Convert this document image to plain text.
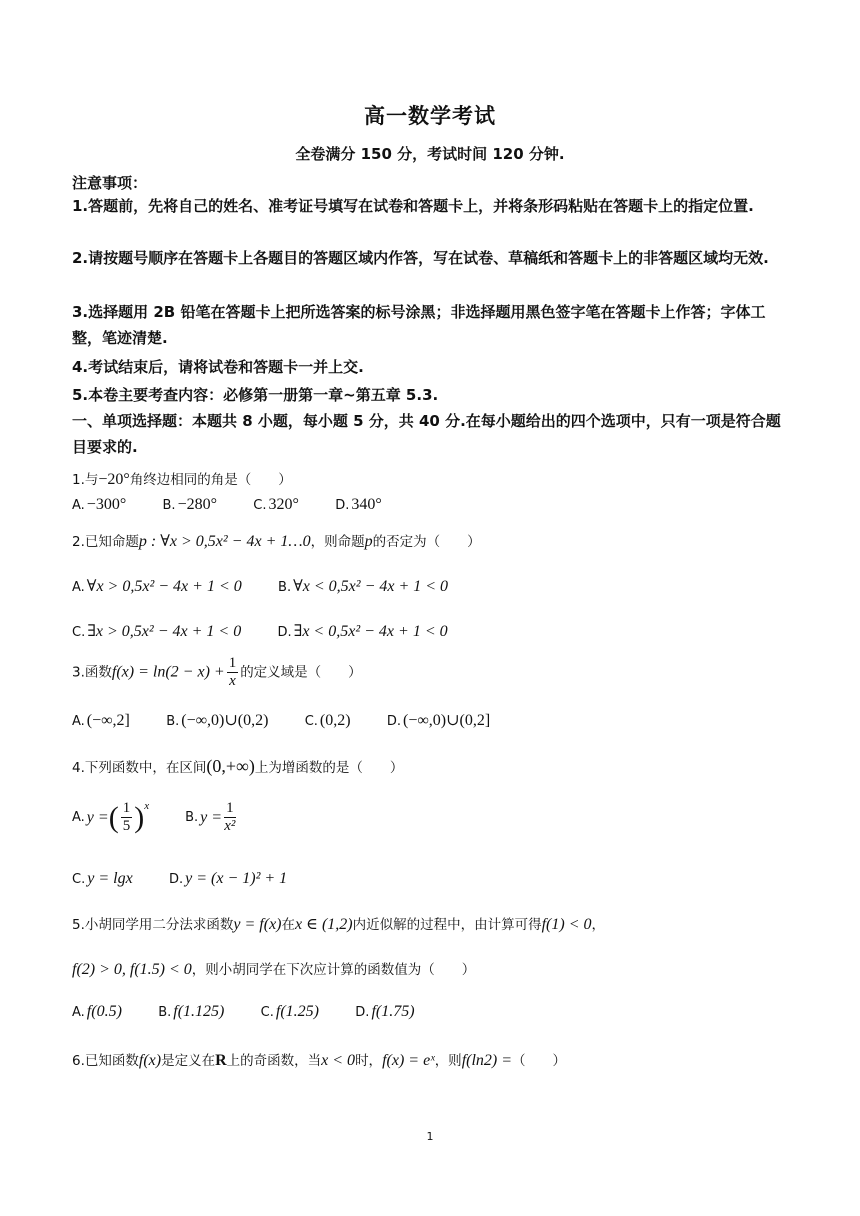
高一数学考试
全卷满分 150 分，考试时间 120 分钟.
注意事项：
1.答题前，先将自己的姓名、准考证号填写在试卷和答题卡上，并将条形码粘贴在答题卡上的指定位置.
2.请按题号顺序在答题卡上各题目的答题区域内作答，写在试卷、草稿纸和答题卡上的非答题区域均无效.
3.选择题用 2B 铅笔在答题卡上把所选答案的标号涂黑；非选择题用黑色签字笔在答题卡上作答；字体工整，笔迹清楚.
4.考试结束后，请将试卷和答题卡一并上交.
5.本卷主要考查内容：必修第一册第一章~第五章 5.3.
一、单项选择题：本题共 8 小题，每小题 5 分，共 40 分.在每小题给出的四个选项中，只有一项是符合题目要求的.
1.与−20°角终边相同的角是（　　）
A. −300°	B. −280°	C. 320°	D. 340°
2.已知命题p : ∀x > 0,5x² − 4x + 1…0，则命题p的否定为（　　）
A. ∀x > 0,5x² − 4x + 1 < 0	B. ∀x < 0,5x² − 4x + 1 < 0
C. ∃x > 0,5x² − 4x + 1 < 0	D. ∃x < 0,5x² − 4x + 1 < 0
3.函数$f(x) = \ln(2 - x) + \frac{1}{x}$ 的定义域是（　　）
A. (−∞,2]	B. (−∞,0)∪(0,2)	C. (0,2)	D. (−∞,0)∪(0,2]
4.下列函数中，在区间(0,+∞)上为增函数的是（　　）
A. y = ( $\frac{1}{5} )^x$
B. $y = \frac{1}{\text{x²}}$
C. y = lgx	D. y = (x − 1)² + 1
5.小胡同学用二分法求函数y = f(x)在x ∈ (1,2)内近似解的过程中，由计算可得f(1) < 0，
f(2) > 0, f(1.5) < 0，则小胡同学在下次应计算的函数值为（　　）
A. f(0.5)	B. f(1.125)	C. f(1.25)	D. f(1.75)
6.已知函数f(x)是定义在R上的奇函数，当x < 0时，f(x) = eˣ，则f(ln2) =（　　）
1
